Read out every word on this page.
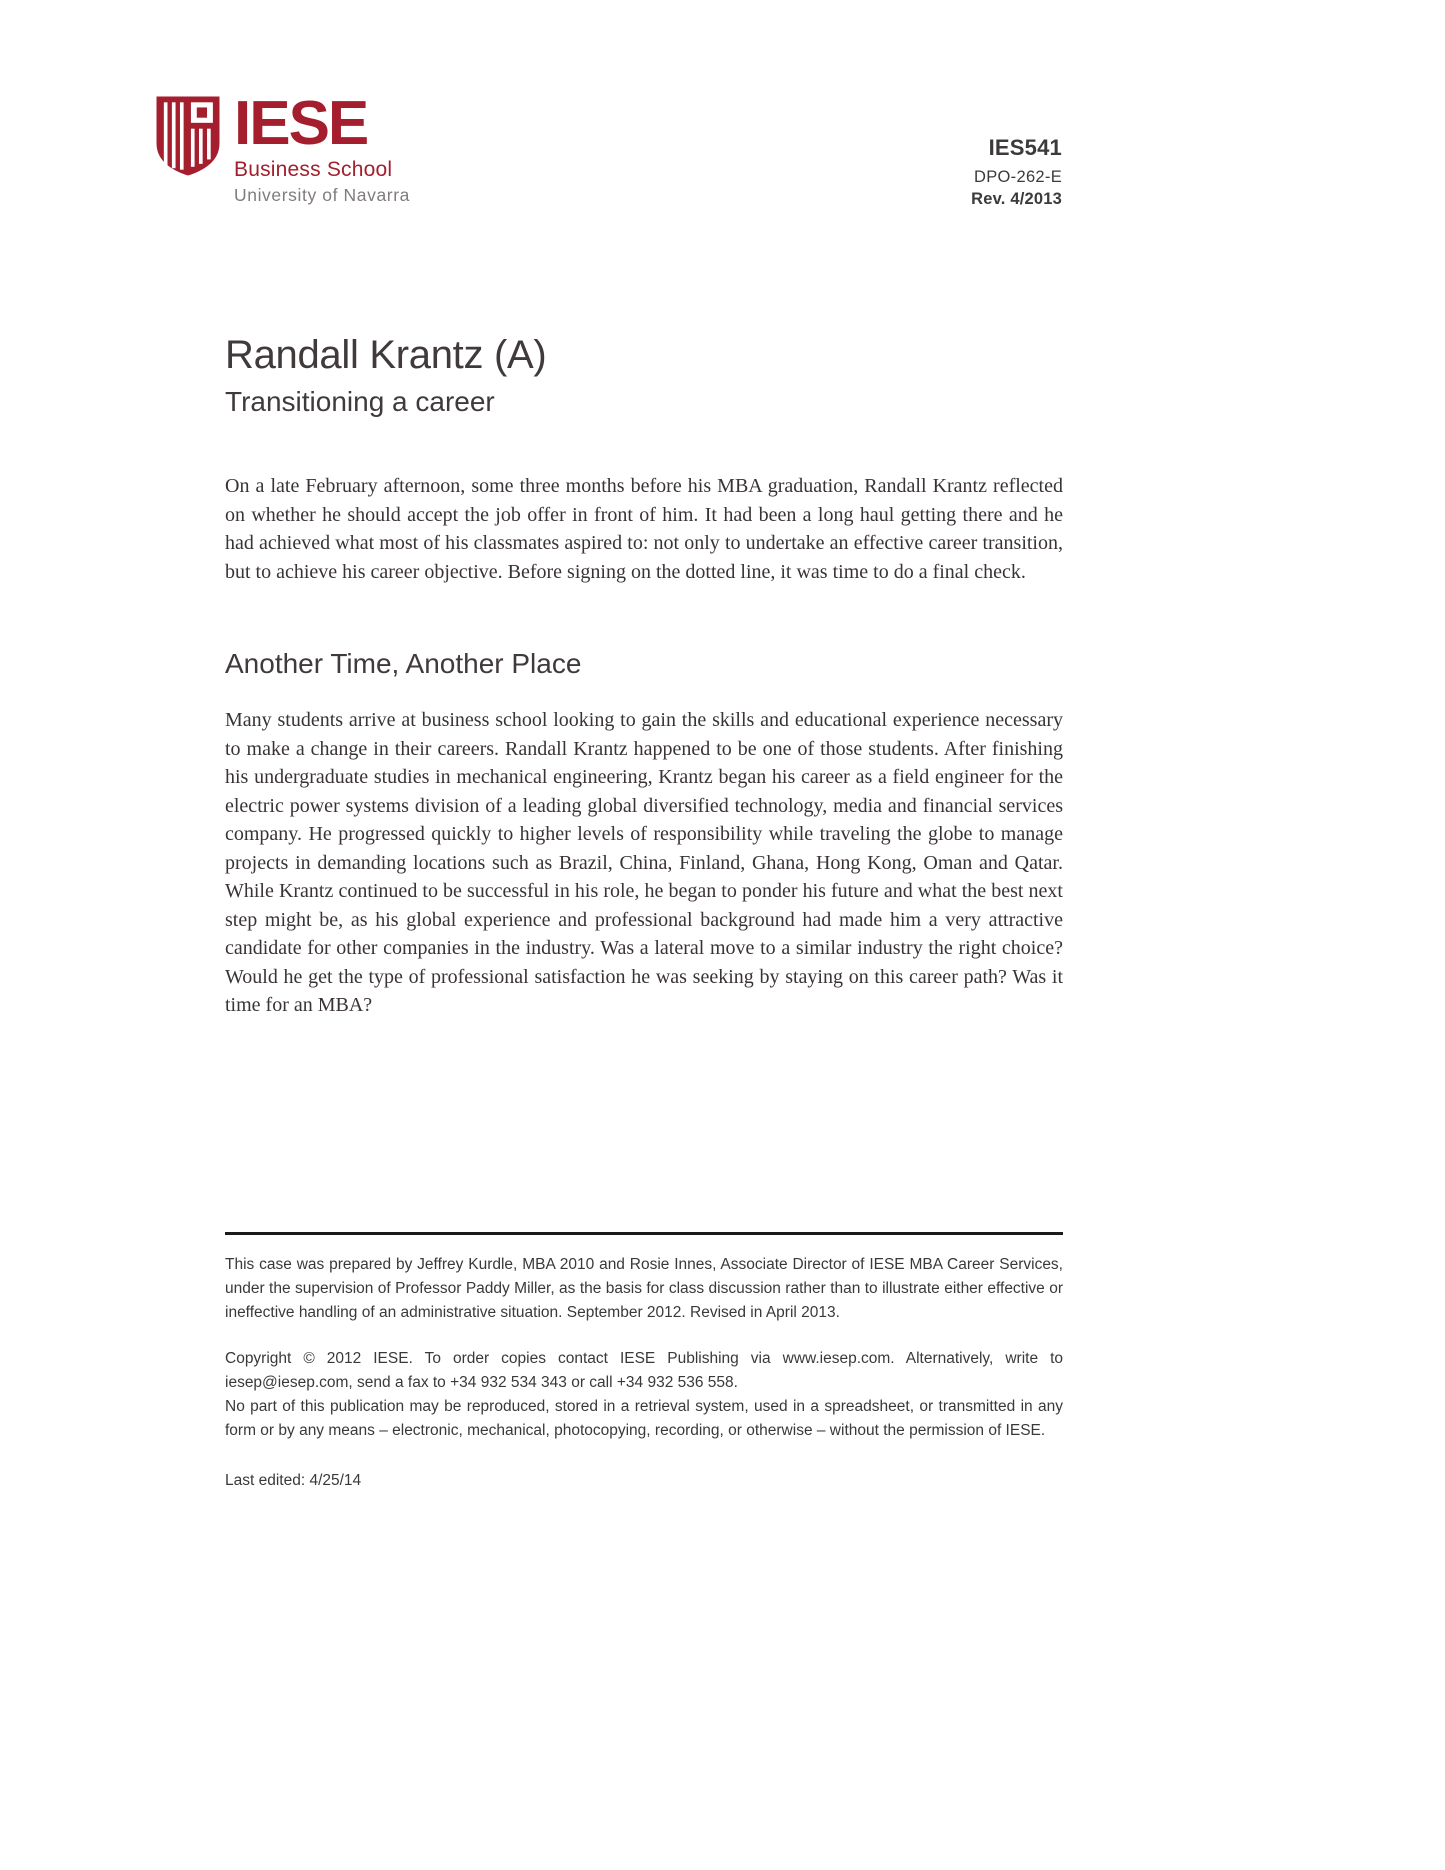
IESE
Business School
University of Navarra
IES541
DPO-262-E
Rev. 4/2013
Randall Krantz (A)
Transitioning a career

On a late February afternoon, some three months before his MBA graduation, Randall Krantz reflected on whether he should accept the job offer in front of him. It had been a long haul getting there and he had achieved what most of his classmates aspired to: not only to undertake an effective career transition, but to achieve his career objective. Before signing on the dotted line, it was time to do a final check.

Another Time, Another Place

Many students arrive at business school looking to gain the skills and educational experience necessary to make a change in their careers. Randall Krantz happened to be one of those students. After finishing his undergraduate studies in mechanical engineering, Krantz began his career as a field engineer for the electric power systems division of a leading global diversified technology, media and financial services company. He progressed quickly to higher levels of responsibility while traveling the globe to manage projects in demanding locations such as Brazil, China, Finland, Ghana, Hong Kong, Oman and Qatar. While Krantz continued to be successful in his role, he began to ponder his future and what the best next step might be, as his global experience and professional background had made him a very attractive candidate for other companies in the industry. Was a lateral move to a similar industry the right choice? Would he get the type of professional satisfaction he was seeking by staying on this career path? Was it time for an MBA?

This case was prepared by Jeffrey Kurdle, MBA 2010 and Rosie Innes, Associate Director of IESE MBA Career Services, under the supervision of Professor Paddy Miller, as the basis for class discussion rather than to illustrate either effective or ineffective handling of an administrative situation. September 2012. Revised in April 2013.

Copyright © 2012 IESE. To order copies contact IESE Publishing via www.iesep.com. Alternatively, write to iesep@iesep.com, send a fax to +34 932 534 343 or call +34 932 536 558.

No part of this publication may be reproduced, stored in a retrieval system, used in a spreadsheet, or transmitted in any form or by any means – electronic, mechanical, photocopying, recording, or otherwise – without the permission of IESE.

Last edited: 4/25/14
